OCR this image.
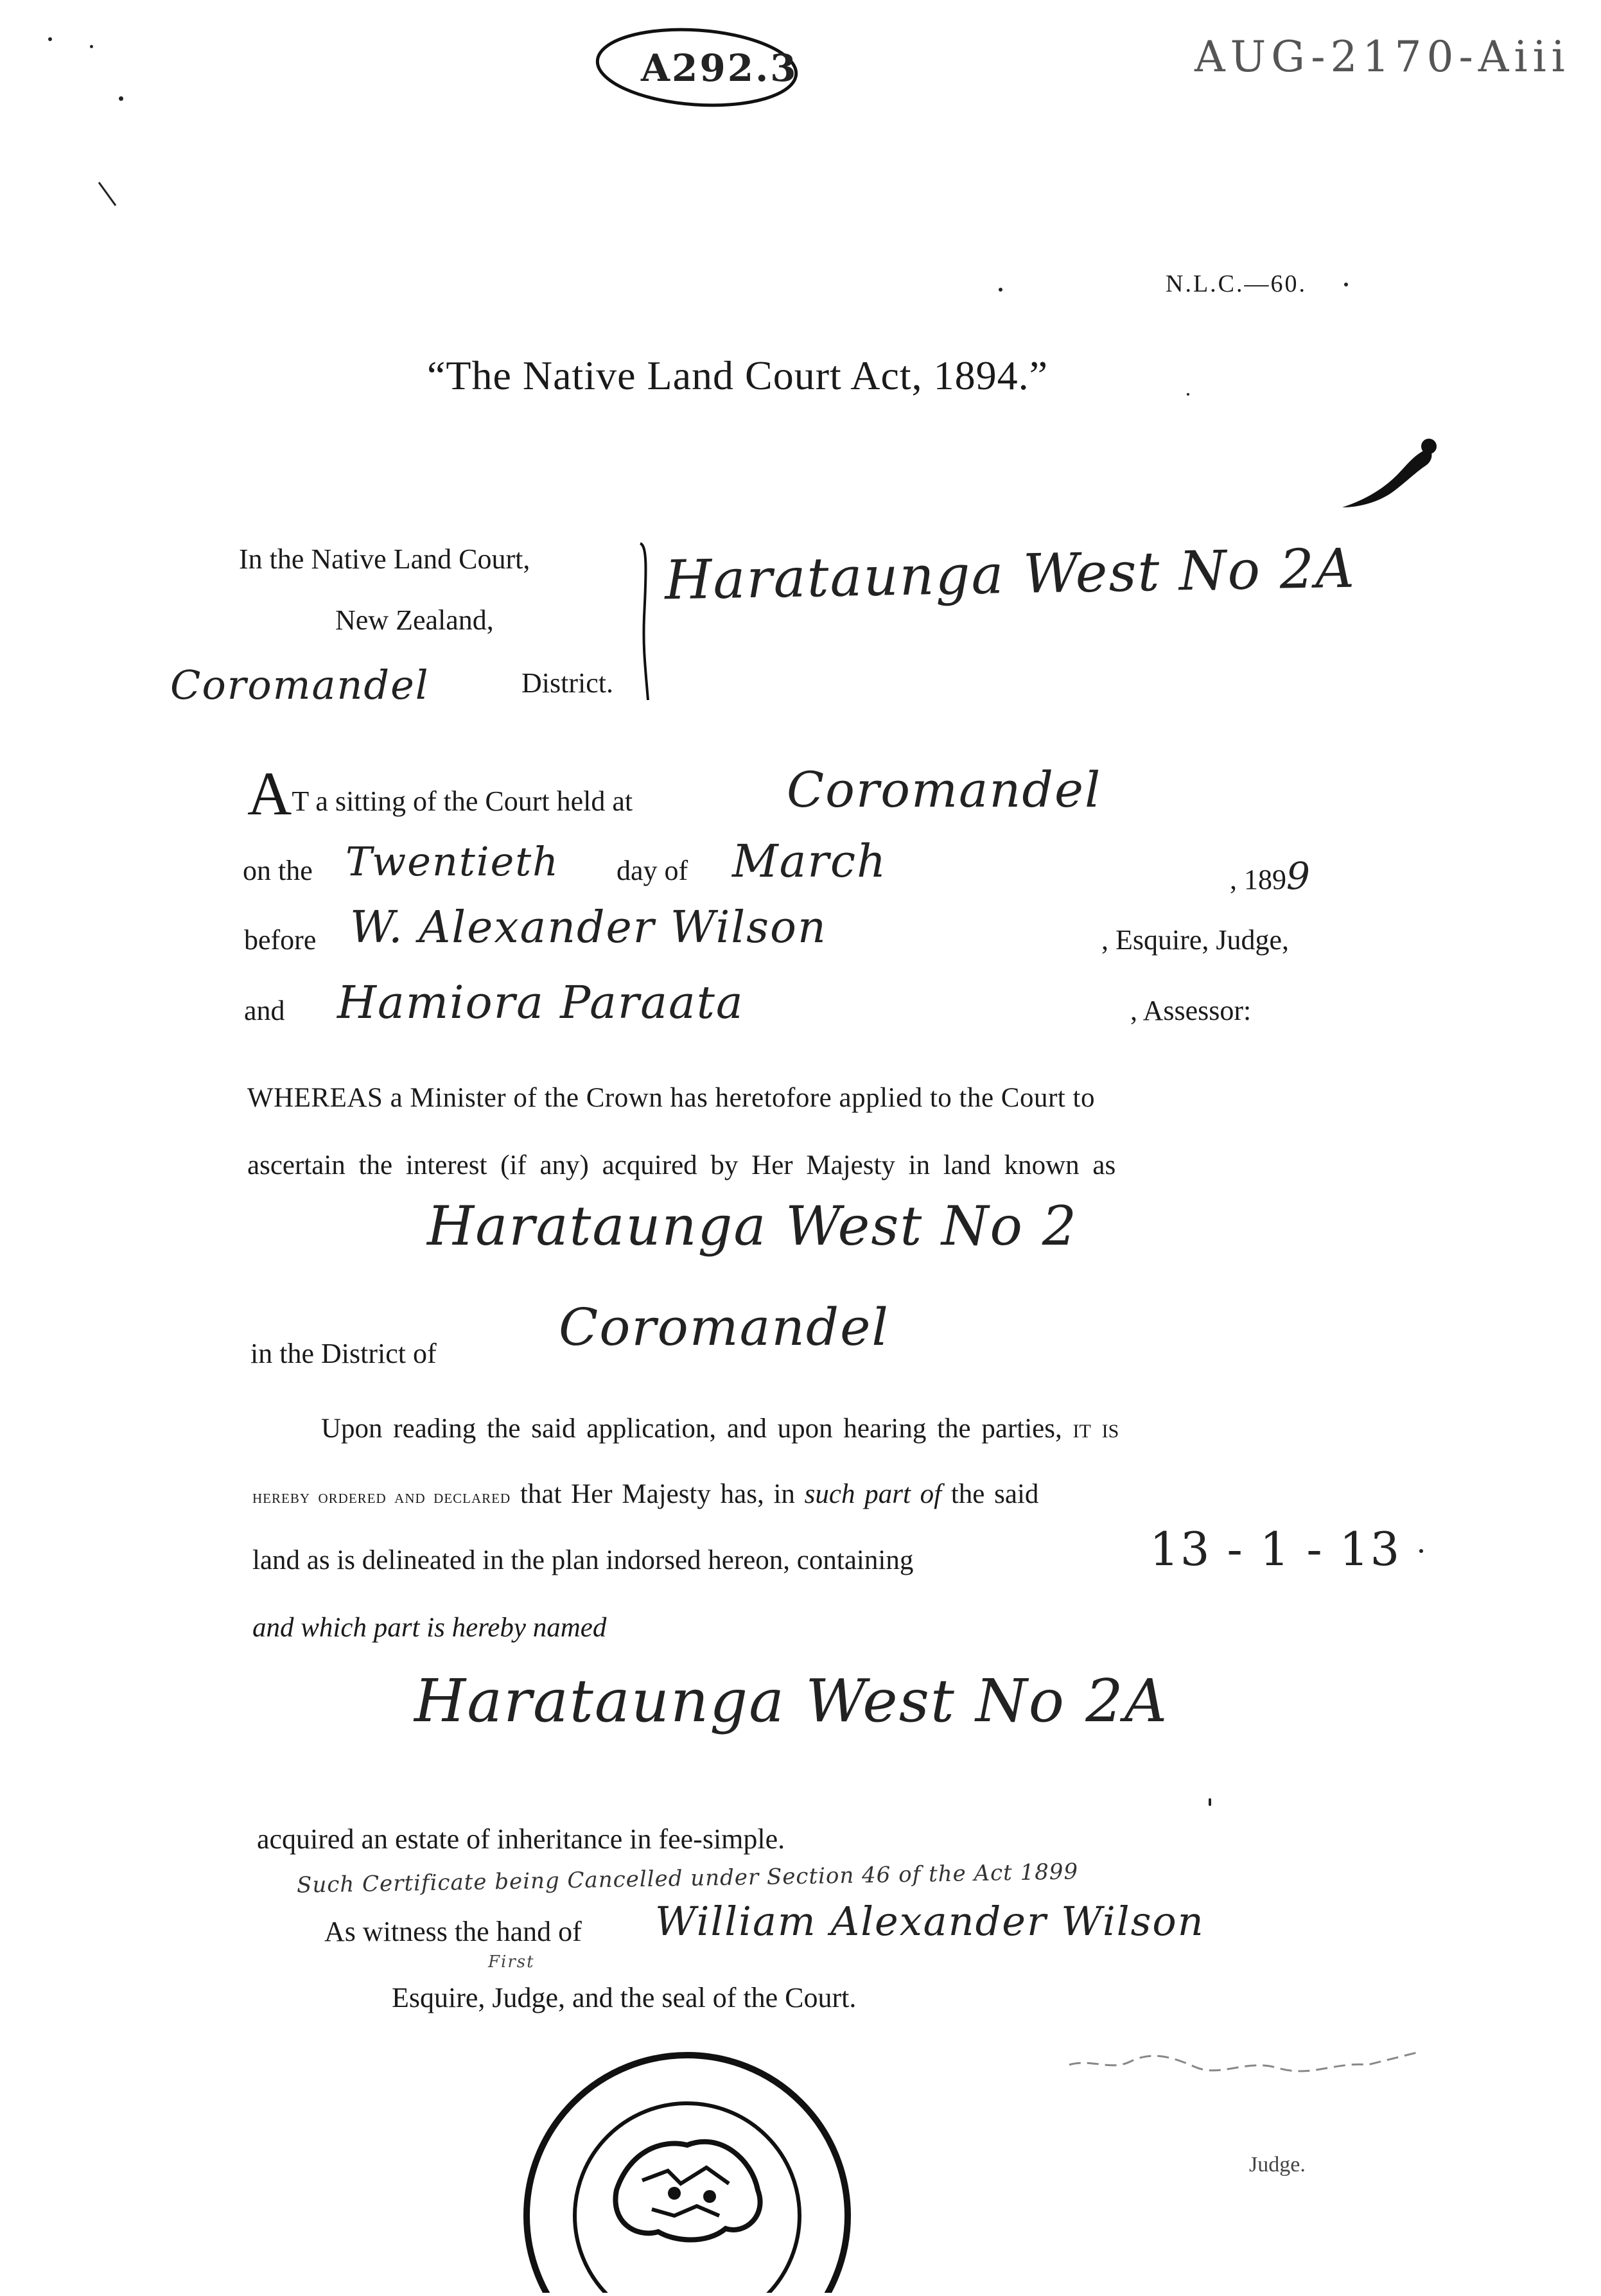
A292.3	AUG-2170-Aiii
N.L.C.—60.
“The Native Land Court Act, 1894.”
In the Native Land Court,
New Zealand,
Coromandel	District.
Harataunga West No 2A
AT a sitting of the Court held at	Coromandel
on the Twentieth day of March	, 1899
before W. Alexander Wilson	, Esquire, Judge,
and Hamiora Paraata	, Assessor:
WHEREAS a Minister of the Crown has heretofore applied to the Court to
ascertain the interest (if any) acquired by Her Majesty in land known as
Harataunga West No 2
in the District of Coromandel
Upon reading the said application, and upon hearing the parties, it is
hereby ordered and declared that Her Majesty has, in such part of the said
land as is delineated in the plan indorsed hereon, containing	13 - 1 - 13
and which part is hereby named
Harataunga West No 2A
acquired an estate of inheritance in fee-simple.
Such Certificate being Cancelled under Section 46 of the Act 1899
As witness the hand of William Alexander Wilson
First
Esquire, Judge, and the seal of the Court.
Judge.
